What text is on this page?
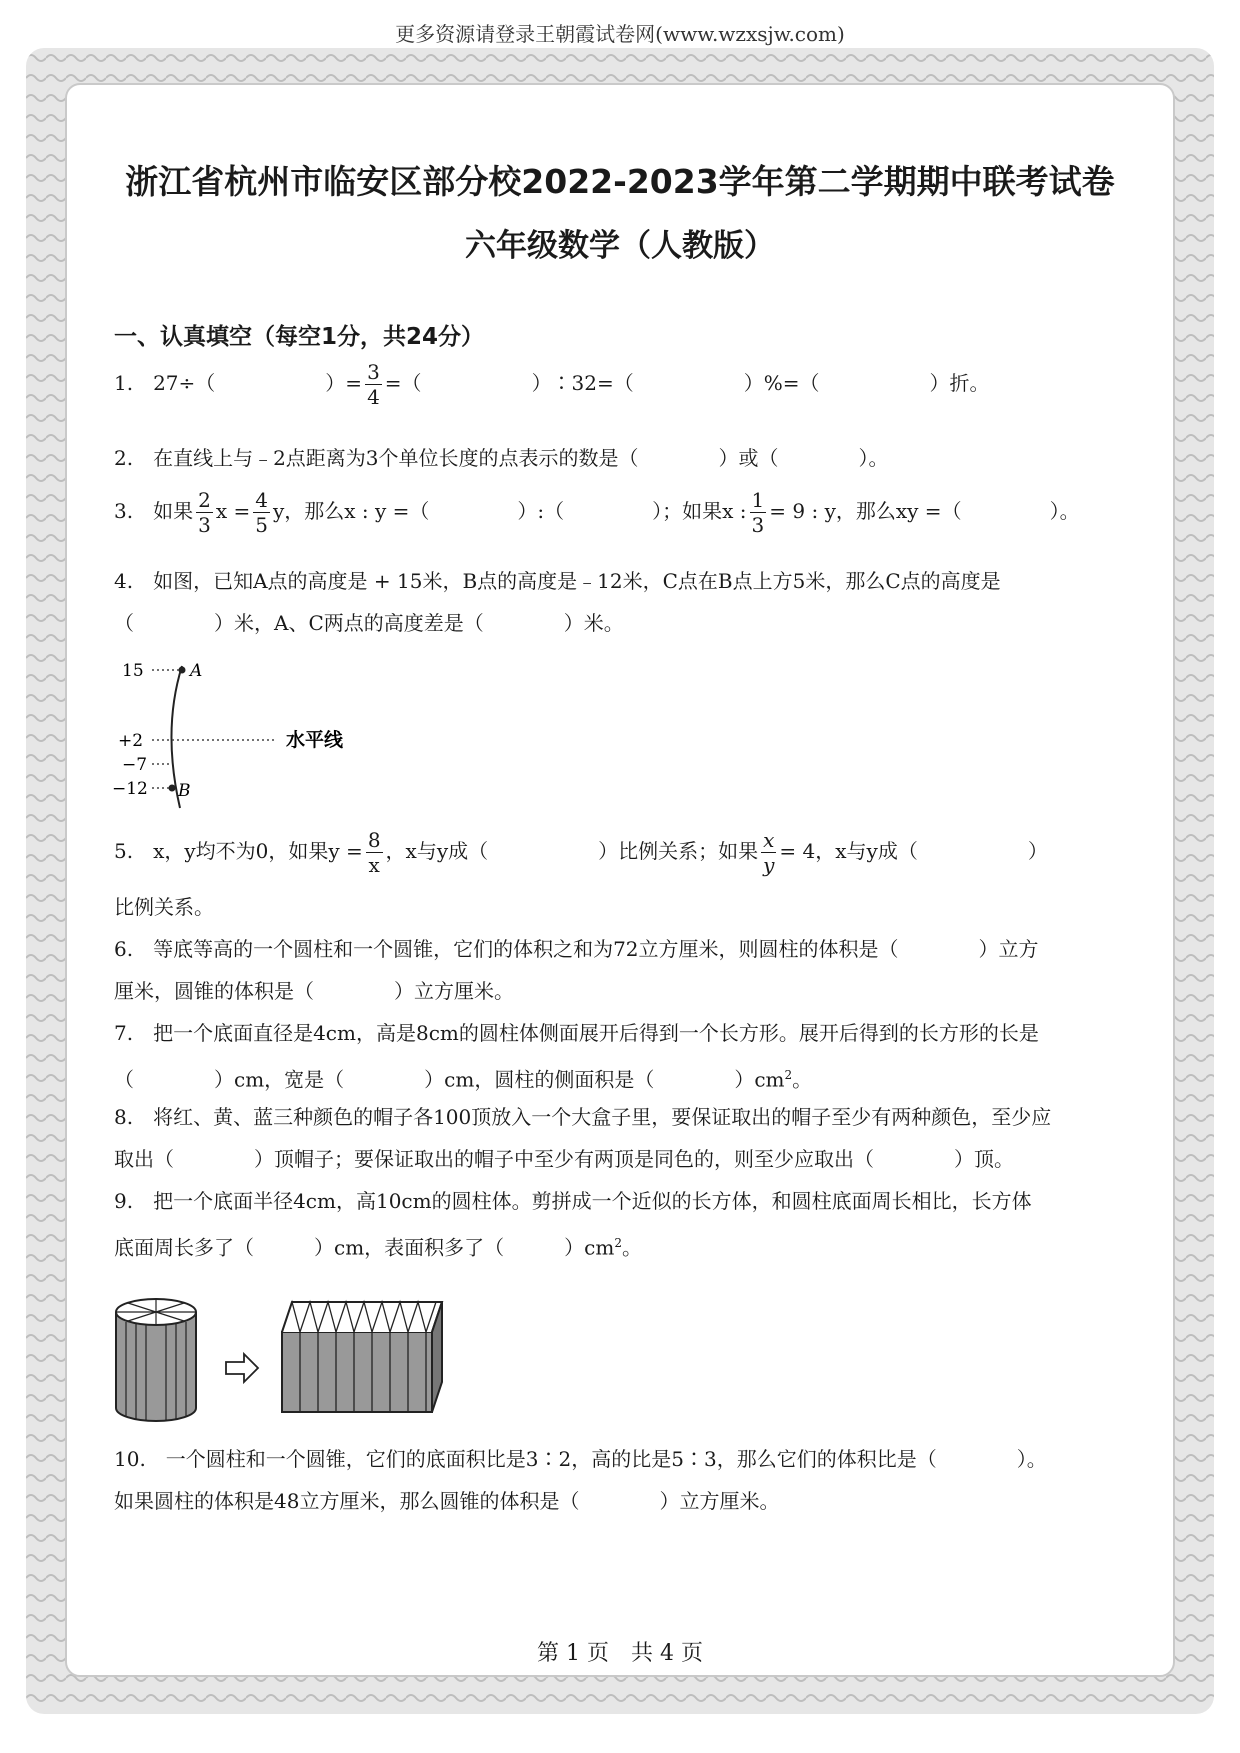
更多资源请登录王朝霞试卷网(www.wzxsjw.com)
浙江省杭州市临安区部分校2022-2023学年第二学期期中联考试卷
六年级数学（人教版）
一、认真填空（每空1分，共24分）
1.　27÷（	）= $\frac{3}{4}$ =（	）∶32=（	）%=（	）折。
2.　在直线上与﹣2点距离为3个单位长度的点表示的数是（　　　　）或（　　　　）。
3.　如果 $\frac{2}{3}$ $x = \frac{4}{5}$ y，那么x : y =（	）:（	）；如果x : $\frac{1}{3} = 9$ : y，那么xy =（	）。
4.　如图，已知A点的高度是 + 15米，B点的高度是﹣12米，C点在B点上方5米，那么C点的高度是
（　　　　）米，A、C两点的高度差是（　　　　）米。
15
+2
−7
−12
A
B
水平线
5.　x，y均不为0，如果$y = \frac{8}{x}$ ，x与y成（	）比例关系；如果 $\frac{x}{y} = 4$，x与y成（	）
比例关系。
6.　等底等高的一个圆柱和一个圆锥，它们的体积之和为72立方厘米，则圆柱的体积是（　　　　）立方
厘米，圆锥的体积是（　　　　）立方厘米。
7.　把一个底面直径是4cm，高是8cm的圆柱体侧面展开后得到一个长方形。展开后得到的长方形的长是
（　　　　）cm，宽是（　　　　）cm，圆柱的侧面积是（　　　　）$cm^2$。
8.　将红、黄、蓝三种颜色的帽子各100顶放入一个大盒子里，要保证取出的帽子至少有两种颜色，至少应
取出（　　　　）顶帽子；要保证取出的帽子中至少有两顶是同色的，则至少应取出（　　　　）顶。
9.　把一个底面半径4cm，高10cm的圆柱体。剪拼成一个近似的长方体，和圆柱底面周长相比，长方体
底面周长多了（　　　）cm，表面积多了（　　　）$cm^2$。
10.　一个圆柱和一个圆锥，它们的底面积比是3∶2，高的比是5∶3，那么它们的体积比是（　　　　）。
如果圆柱的体积是48立方厘米，那么圆锥的体积是（　　　　）立方厘米。
第 1 页　共 4 页
